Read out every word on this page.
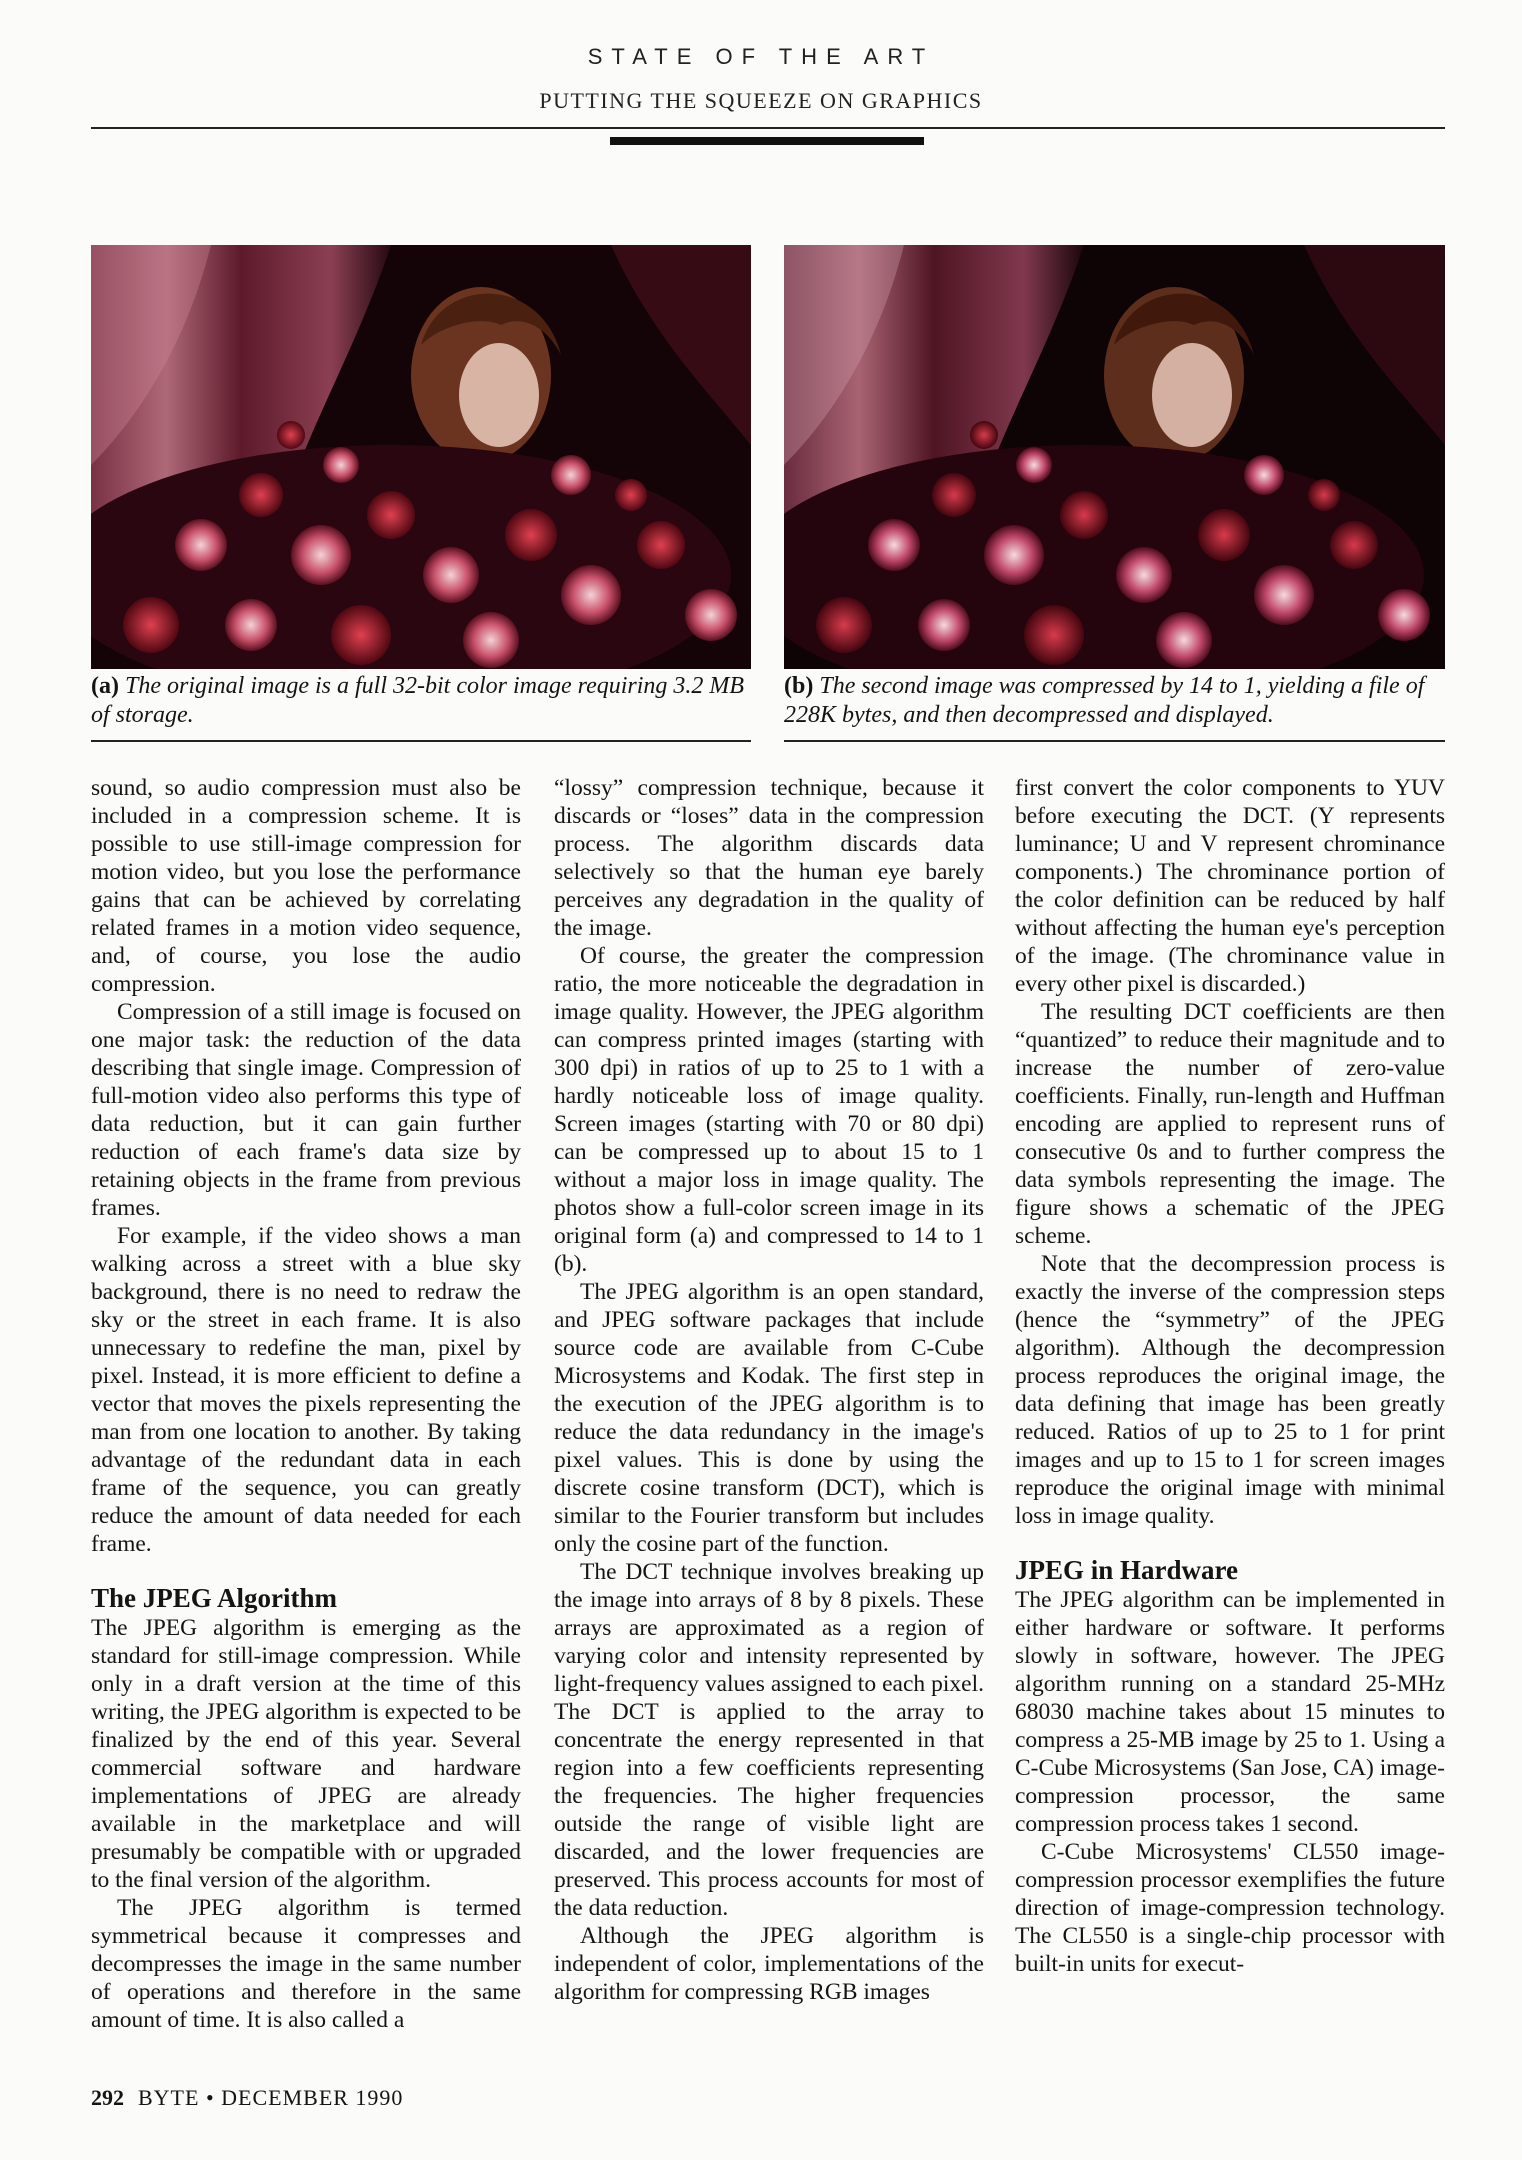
STATE OF THE ART
PUTTING THE SQUEEZE ON GRAPHICS
(a) The original image is a full 32-bit color image requiring 3.2 MB of storage.
(b) The second image was compressed by 14 to 1, yielding a file of 228K bytes, and then decompressed and displayed.

sound, so audio compression must also be included in a compression scheme. It is possible to use still-image compression for motion video, but you lose the performance gains that can be achieved by correlating related frames in a motion video sequence, and, of course, you lose the audio compression.

Compression of a still image is focused on one major task: the reduction of the data describing that single image. Compression of full-motion video also performs this type of data reduction, but it can gain further reduction of each frame's data size by retaining objects in the frame from previous frames.

For example, if the video shows a man walking across a street with a blue sky background, there is no need to redraw the sky or the street in each frame. It is also unnecessary to redefine the man, pixel by pixel. Instead, it is more efficient to define a vector that moves the pixels representing the man from one location to another. By taking advantage of the redundant data in each frame of the sequence, you can greatly reduce the amount of data needed for each frame.

The JPEG Algorithm

The JPEG algorithm is emerging as the standard for still-image compression. While only in a draft version at the time of this writing, the JPEG algorithm is expected to be finalized by the end of this year. Several commercial software and hardware implementations of JPEG are already available in the marketplace and will presumably be compatible with or upgraded to the final version of the algorithm.

The JPEG algorithm is termed symmetrical because it compresses and decompresses the image in the same number of operations and therefore in the same amount of time. It is also called a

“lossy” compression technique, because it discards or “loses” data in the compression process. The algorithm discards data selectively so that the human eye barely perceives any degradation in the quality of the image.

Of course, the greater the compression ratio, the more noticeable the degradation in image quality. However, the JPEG algorithm can compress printed images (starting with 300 dpi) in ratios of up to 25 to 1 with a hardly noticeable loss of image quality. Screen images (starting with 70 or 80 dpi) can be compressed up to about 15 to 1 without a major loss in image quality. The photos show a full-color screen image in its original form (a) and compressed to 14 to 1 (b).

The JPEG algorithm is an open standard, and JPEG software packages that include source code are available from C-Cube Microsystems and Kodak. The first step in the execution of the JPEG algorithm is to reduce the data redundancy in the image's pixel values. This is done by using the discrete cosine transform (DCT), which is similar to the Fourier transform but includes only the cosine part of the function.

The DCT technique involves breaking up the image into arrays of 8 by 8 pixels. These arrays are approximated as a region of varying color and intensity represented by light-frequency values assigned to each pixel. The DCT is applied to the array to concentrate the energy represented in that region into a few coefficients representing the frequencies. The higher frequencies outside the range of visible light are discarded, and the lower frequencies are preserved. This process accounts for most of the data reduction.

Although the JPEG algorithm is independent of color, implementations of the algorithm for compressing RGB images

first convert the color components to YUV before executing the DCT. (Y represents luminance; U and V represent chrominance components.) The chrominance portion of the color definition can be reduced by half without affecting the human eye's perception of the image. (The chrominance value in every other pixel is discarded.)

The resulting DCT coefficients are then “quantized” to reduce their magnitude and to increase the number of zero-value coefficients. Finally, run-length and Huffman encoding are applied to represent runs of consecutive 0s and to further compress the data symbols representing the image. The figure shows a schematic of the JPEG scheme.

Note that the decompression process is exactly the inverse of the compression steps (hence the “symmetry” of the JPEG algorithm). Although the decompression process reproduces the original image, the data defining that image has been greatly reduced. Ratios of up to 25 to 1 for print images and up to 15 to 1 for screen images reproduce the original image with minimal loss in image quality.

JPEG in Hardware

The JPEG algorithm can be implemented in either hardware or software. It performs slowly in software, however. The JPEG algorithm running on a standard 25-MHz 68030 machine takes about 15 minutes to compress a 25-MB image by 25 to 1. Using a C-Cube Microsystems (San Jose, CA) image-compression processor, the same compression process takes 1 second.

C-Cube Microsystems' CL550 image-compression processor exemplifies the future direction of image-compression technology. The CL550 is a single-chip processor with built-in units for execut-

292 BYTE • DECEMBER 1990
